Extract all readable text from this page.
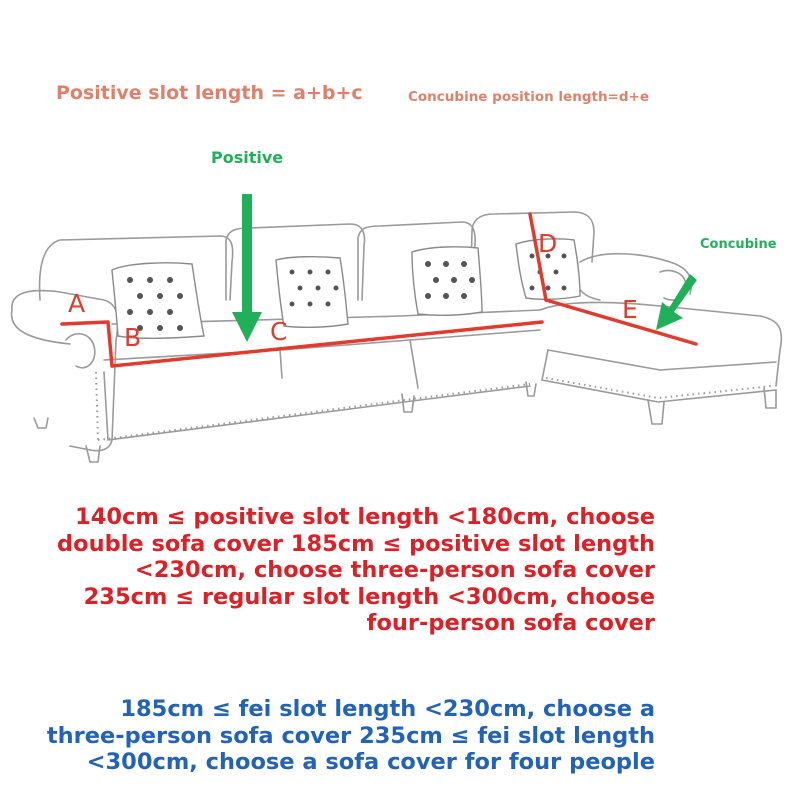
A
B	C
D
E
Positive slot length = a+b+c	Concubine position length=d+e
Positive
Concubine
140cm ≤ positive slot length <180cm, choose
double sofa cover 185cm ≤ positive slot length
<230cm, choose three-person sofa cover
235cm ≤ regular slot length <300cm, choose
four-person sofa cover
185cm ≤ fei slot length <230cm, choose a
three-person sofa cover 235cm ≤ fei slot length
<300cm, choose a sofa cover for four people
